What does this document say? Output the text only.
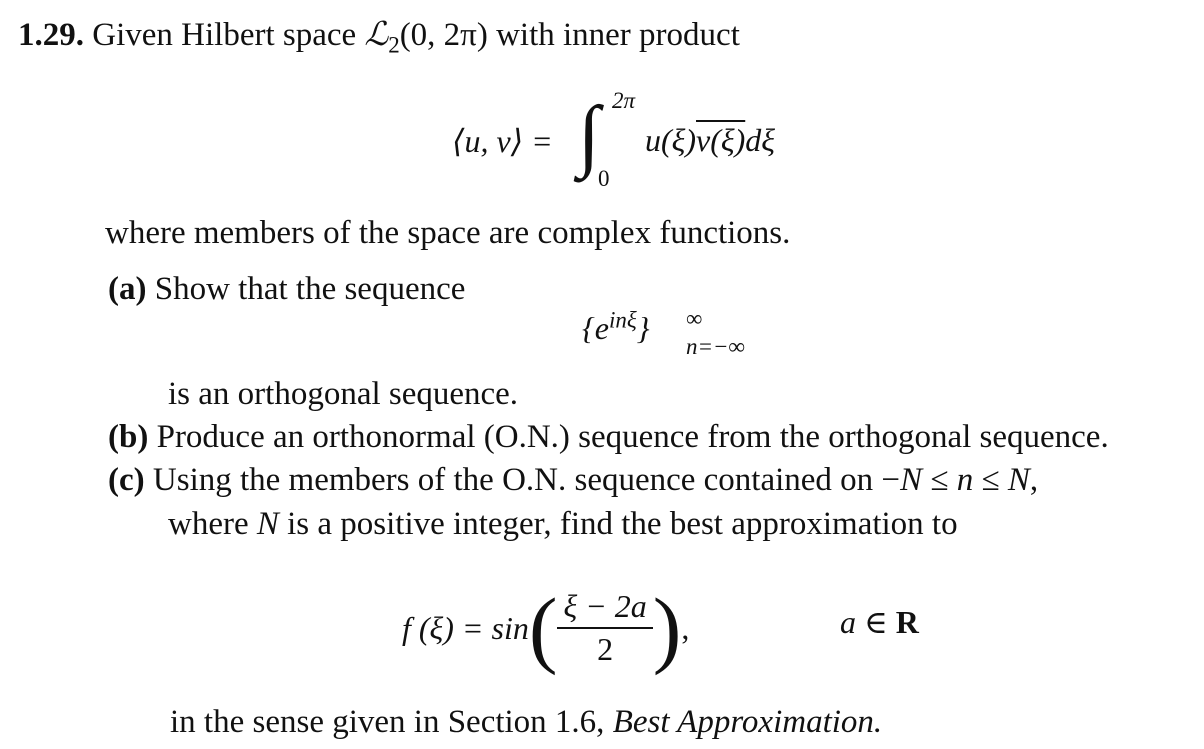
1.29. Given Hilbert space ℒ$_2$(0, 2π) with inner product
⟨u, v⟩ = ∫ 2π
0
u(ξ)v(ξ)dξ
where members of the space are complex functions.
(a) Show that the sequence
$\{e^{in\xi}\}$ ∞
n=−∞
is an orthogonal sequence.
(b) Produce an orthonormal (O.N.) sequence from the orthogonal sequence.
(c) Using the members of the O.N. sequence contained on −N ≤ n ≤ N,
where N is a positive integer, find the best approximation to
f (ξ) = sin ( $\frac{\xi - 2a}{2}$ ) ,	a ∈ R
in the sense given in Section 1.6, Best Approximation.
